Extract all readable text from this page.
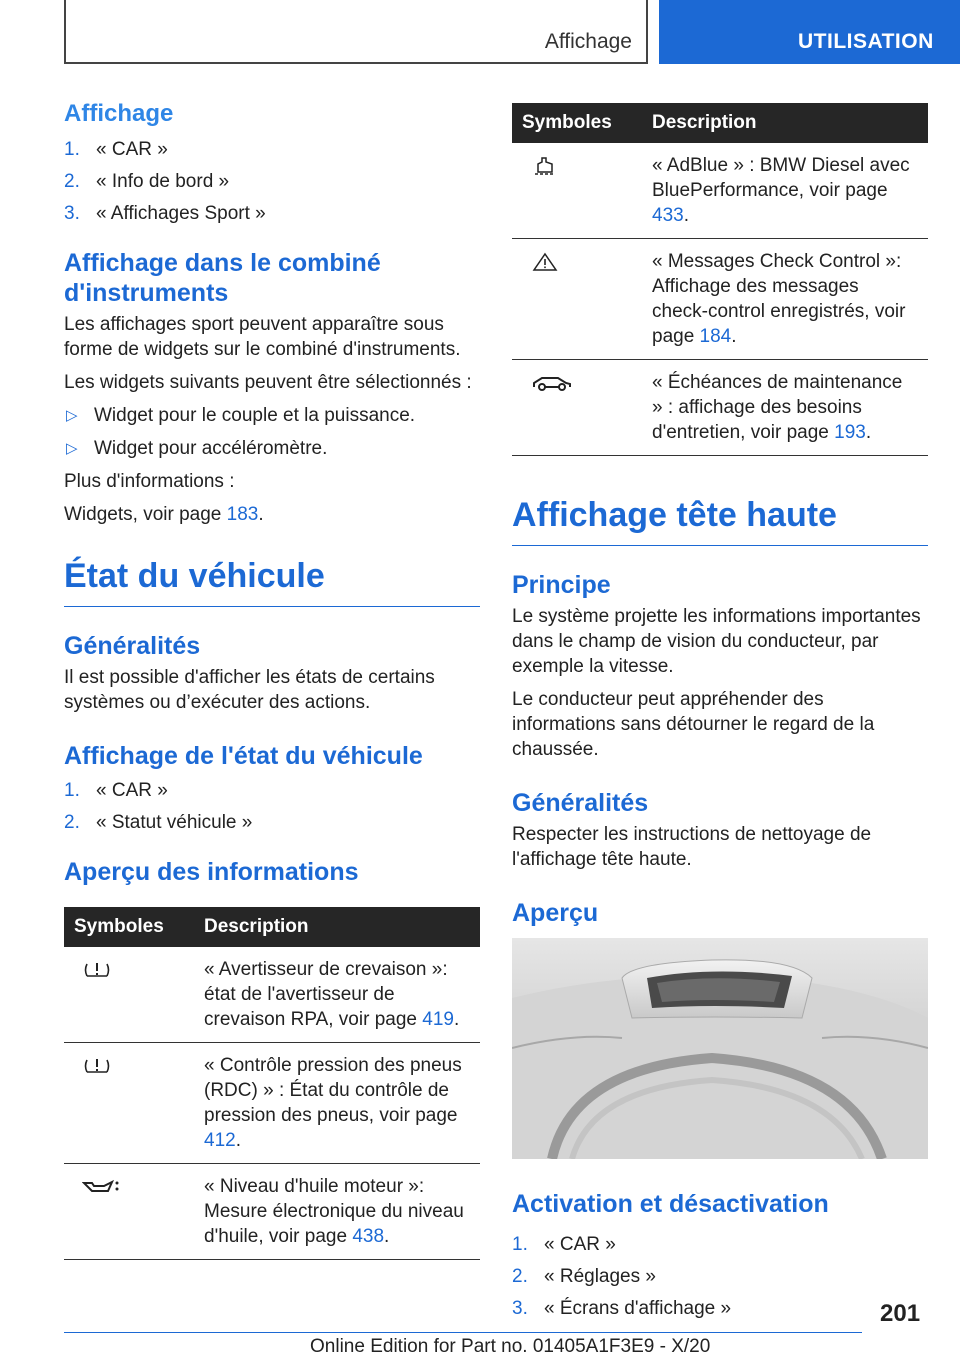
Affichage	UTILISATION
Affichage
1. « CAR »
2. « Info de bord »
3. « Affichages Sport »
Affichage dans le combiné d'instruments
Les affichages sport peuvent apparaître sous forme de widgets sur le combiné d'instruments.
Les widgets suivants peuvent être sélectionnés :
▷ Widget pour le couple et la puissance.
▷ Widget pour accéléromètre.
Plus d'informations :
Widgets, voir page 183.
État du véhicule
Généralités
Il est possible d'afficher les états de certains systèmes ou d’exécuter des actions.
Affichage de l'état du véhicule
1. « CAR »
2. « Statut véhicule »
Aperçu des informations
Symboles	Description
	« Avertisseur de crevaison »: état de l'avertisseur de crevaison RPA, voir page 419.
	« Contrôle pression des pneus (RDC) » : État du contrôle de pression des pneus, voir page 412.
	« Niveau d'huile moteur »: Mesure électronique du niveau d'huile, voir page 438.
Symboles	Description
	« AdBlue » : BMW Diesel avec BluePerformance, voir page 433.
	« Messages Check Control »: Affichage des messages check-control enregistrés, voir page 184.
	« Échéances de maintenance » : affichage des besoins d'entretien, voir page 193.
Affichage tête haute
Principe
Le système projette les informations importantes dans le champ de vision du conducteur, par exemple la vitesse.
Le conducteur peut appréhender des informations sans détourner le regard de la chaussée.
Généralités
Respecter les instructions de nettoyage de l'affichage tête haute.
Aperçu
Activation et désactivation
1. « CAR »
2. « Réglages »
3. « Écrans d'affichage »	201
Online Edition for Part no. 01405A1F3E9 - X/20
